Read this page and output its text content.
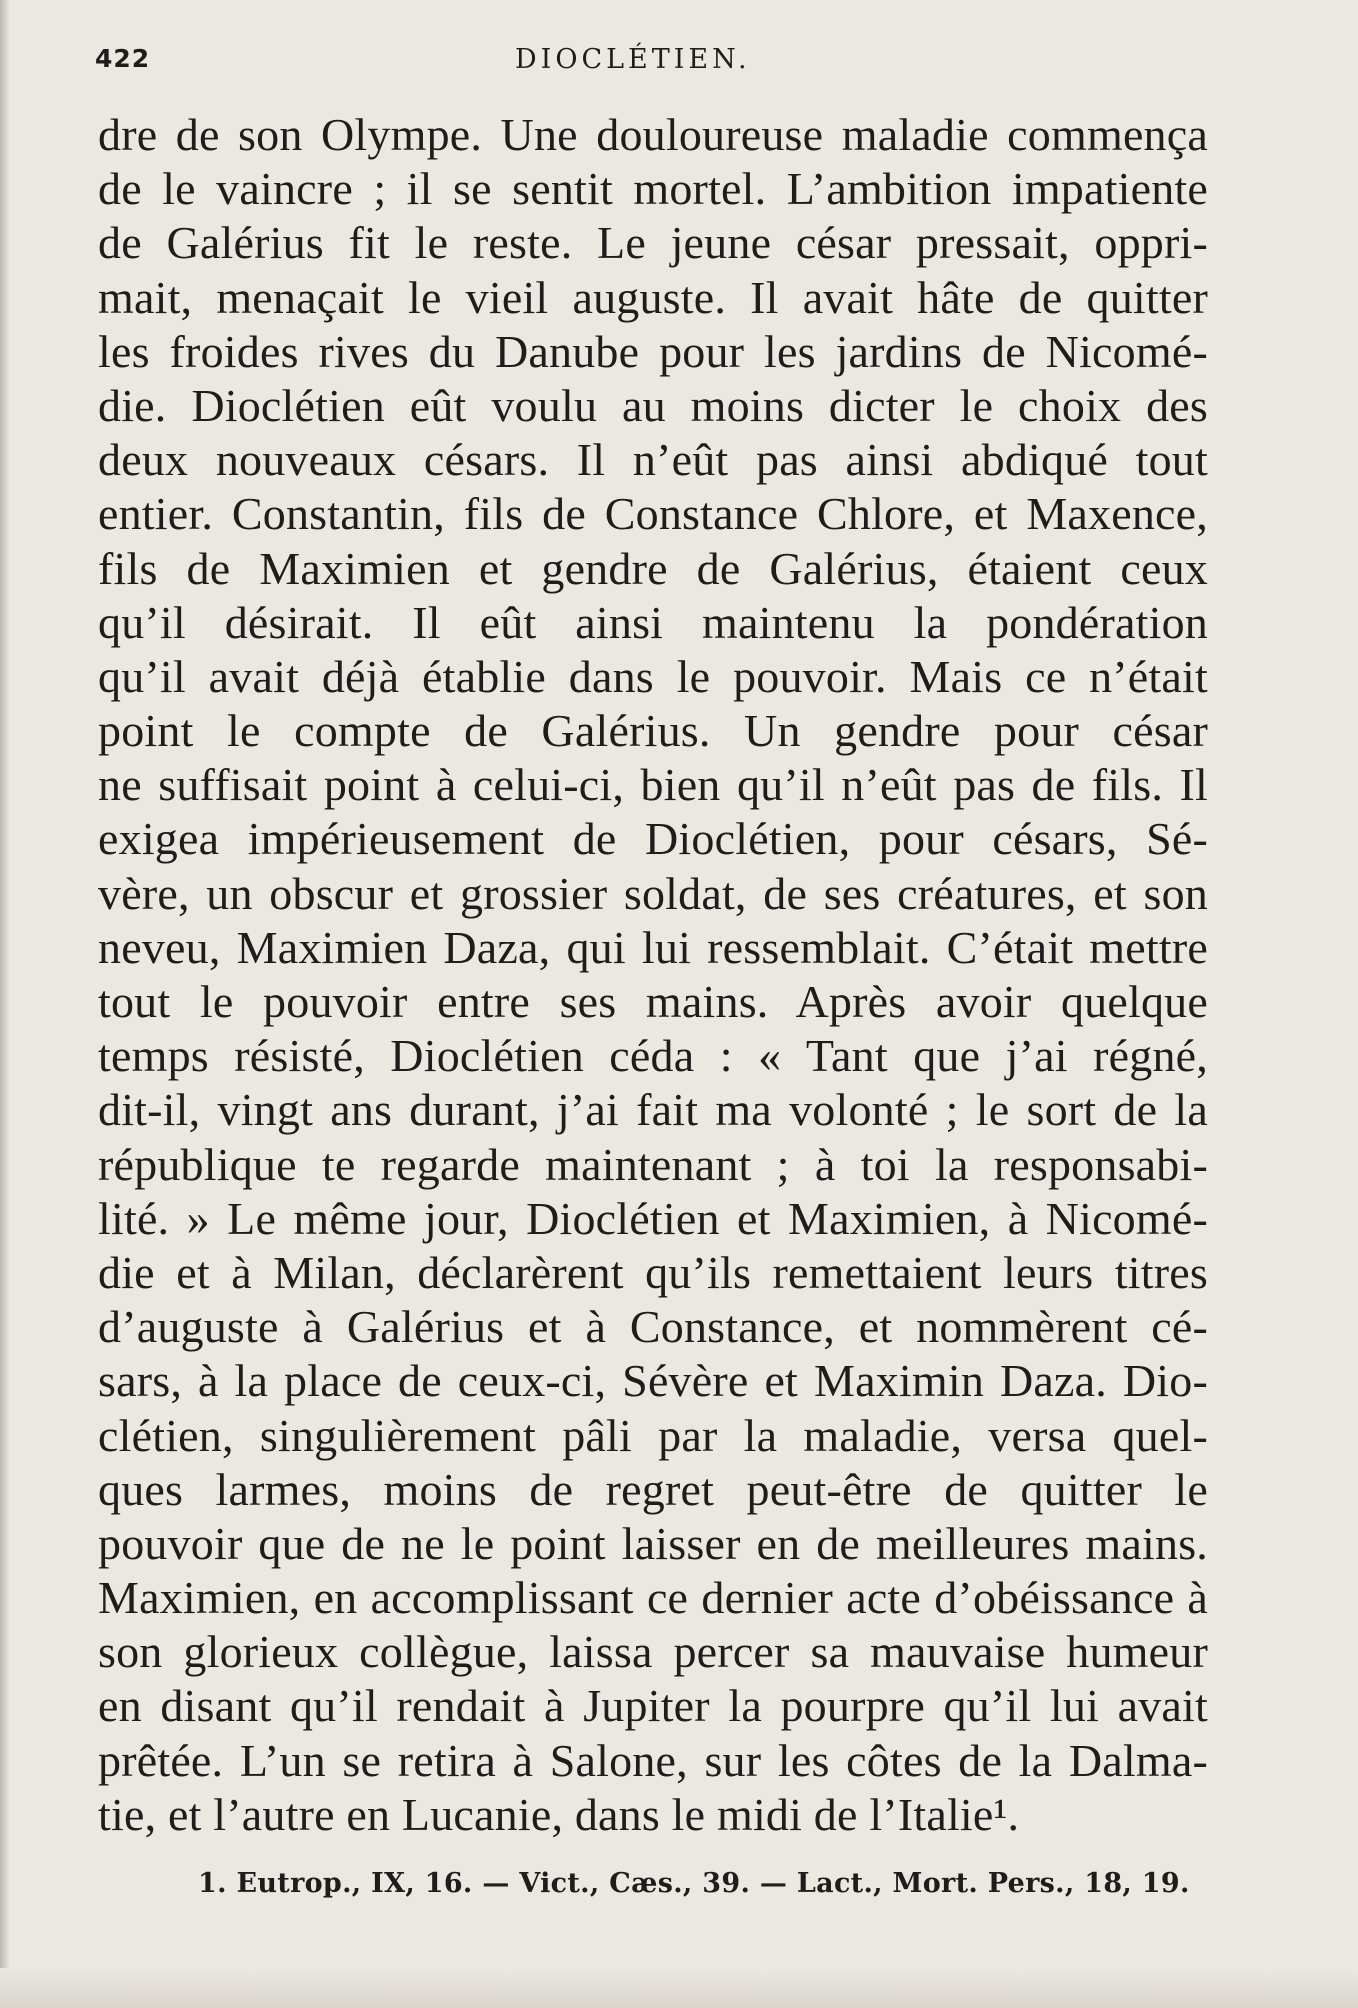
422	DIOCLÉTIEN.
dre de son Olympe. Une douloureuse maladie commença
de le vaincre ; il se sentit mortel. L’ambition impatiente
de Galérius fit le reste. Le jeune césar pressait, oppri-
mait, menaçait le vieil auguste. Il avait hâte de quitter
les froides rives du Danube pour les jardins de Nicomé-
die. Dioclétien eût voulu au moins dicter le choix des
deux nouveaux césars. Il n’eût pas ainsi abdiqué tout
entier. Constantin, fils de Constance Chlore, et Maxence,
fils de Maximien et gendre de Galérius, étaient ceux
qu’il désirait. Il eût ainsi maintenu la pondération
qu’il avait déjà établie dans le pouvoir. Mais ce n’était
point le compte de Galérius. Un gendre pour césar
ne suffisait point à celui-ci, bien qu’il n’eût pas de fils. Il
exigea impérieusement de Dioclétien, pour césars, Sé-
vère, un obscur et grossier soldat, de ses créatures, et son
neveu, Maximien Daza, qui lui ressemblait. C’était mettre
tout le pouvoir entre ses mains. Après avoir quelque
temps résisté, Dioclétien céda : « Tant que j’ai régné,
dit-il, vingt ans durant, j’ai fait ma volonté ; le sort de la
république te regarde maintenant ; à toi la responsabi-
lité. » Le même jour, Dioclétien et Maximien, à Nicomé-
die et à Milan, déclarèrent qu’ils remettaient leurs titres
d’auguste à Galérius et à Constance, et nommèrent cé-
sars, à la place de ceux-ci, Sévère et Maximin Daza. Dio-
clétien, singulièrement pâli par la maladie, versa quel-
ques larmes, moins de regret peut-être de quitter le
pouvoir que de ne le point laisser en de meilleures mains.
Maximien, en accomplissant ce dernier acte d’obéissance à
son glorieux collègue, laissa percer sa mauvaise humeur
en disant qu’il rendait à Jupiter la pourpre qu’il lui avait
prêtée. L’un se retira à Salone, sur les côtes de la Dalma-
tie, et l’autre en Lucanie, dans le midi de l’Italie¹.
1. Eutrop., IX, 16. — Vict., Cæs., 39. — Lact., Mort. Pers., 18, 19.
